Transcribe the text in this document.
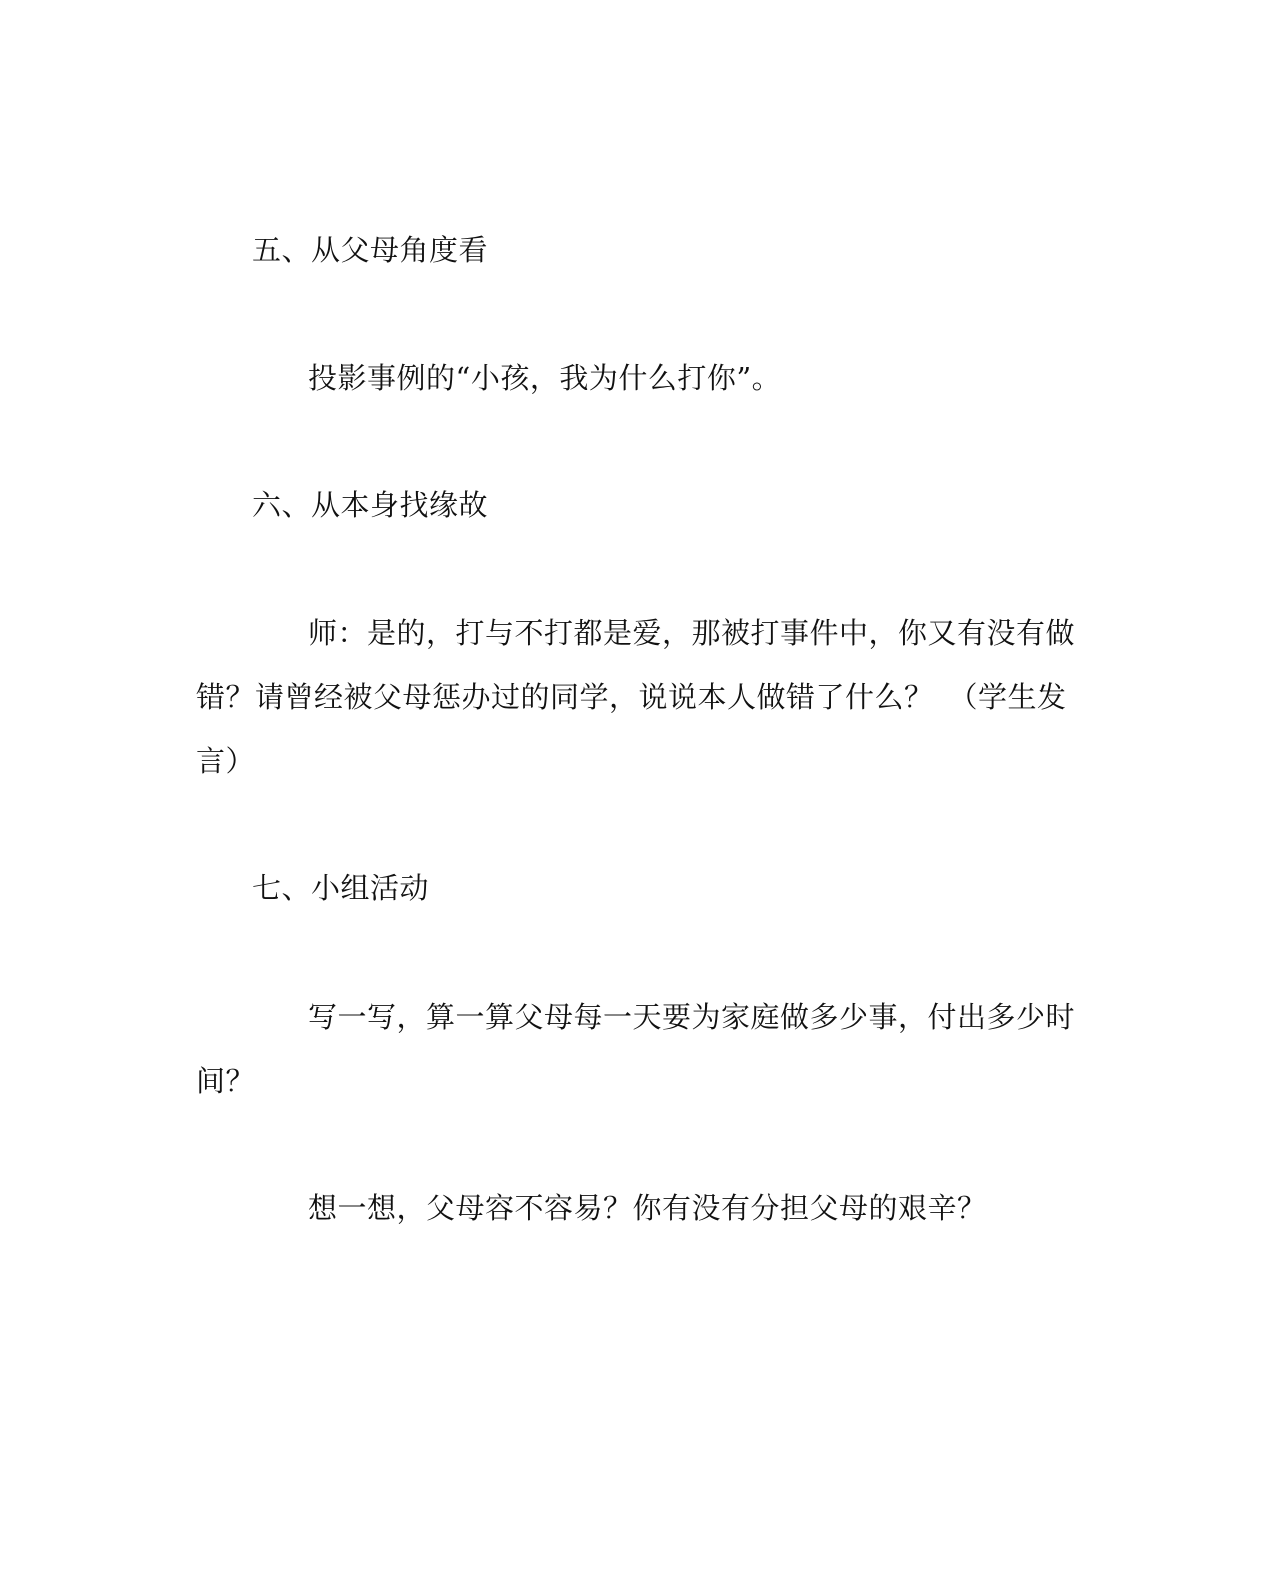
五、从父母角度看
投影事例的“小孩，我为什么打你”。
六、从本身找缘故
师：是的，打与不打都是爱，那被打事件中，你又有没有做
错？请曾经被父母惩办过的同学，说说本人做错了什么？　（学生发
言）
七、小组活动
写一写，算一算父母每一天要为家庭做多少事，付出多少时
间？
想一想，父母容不容易？你有没有分担父母的艰辛？
